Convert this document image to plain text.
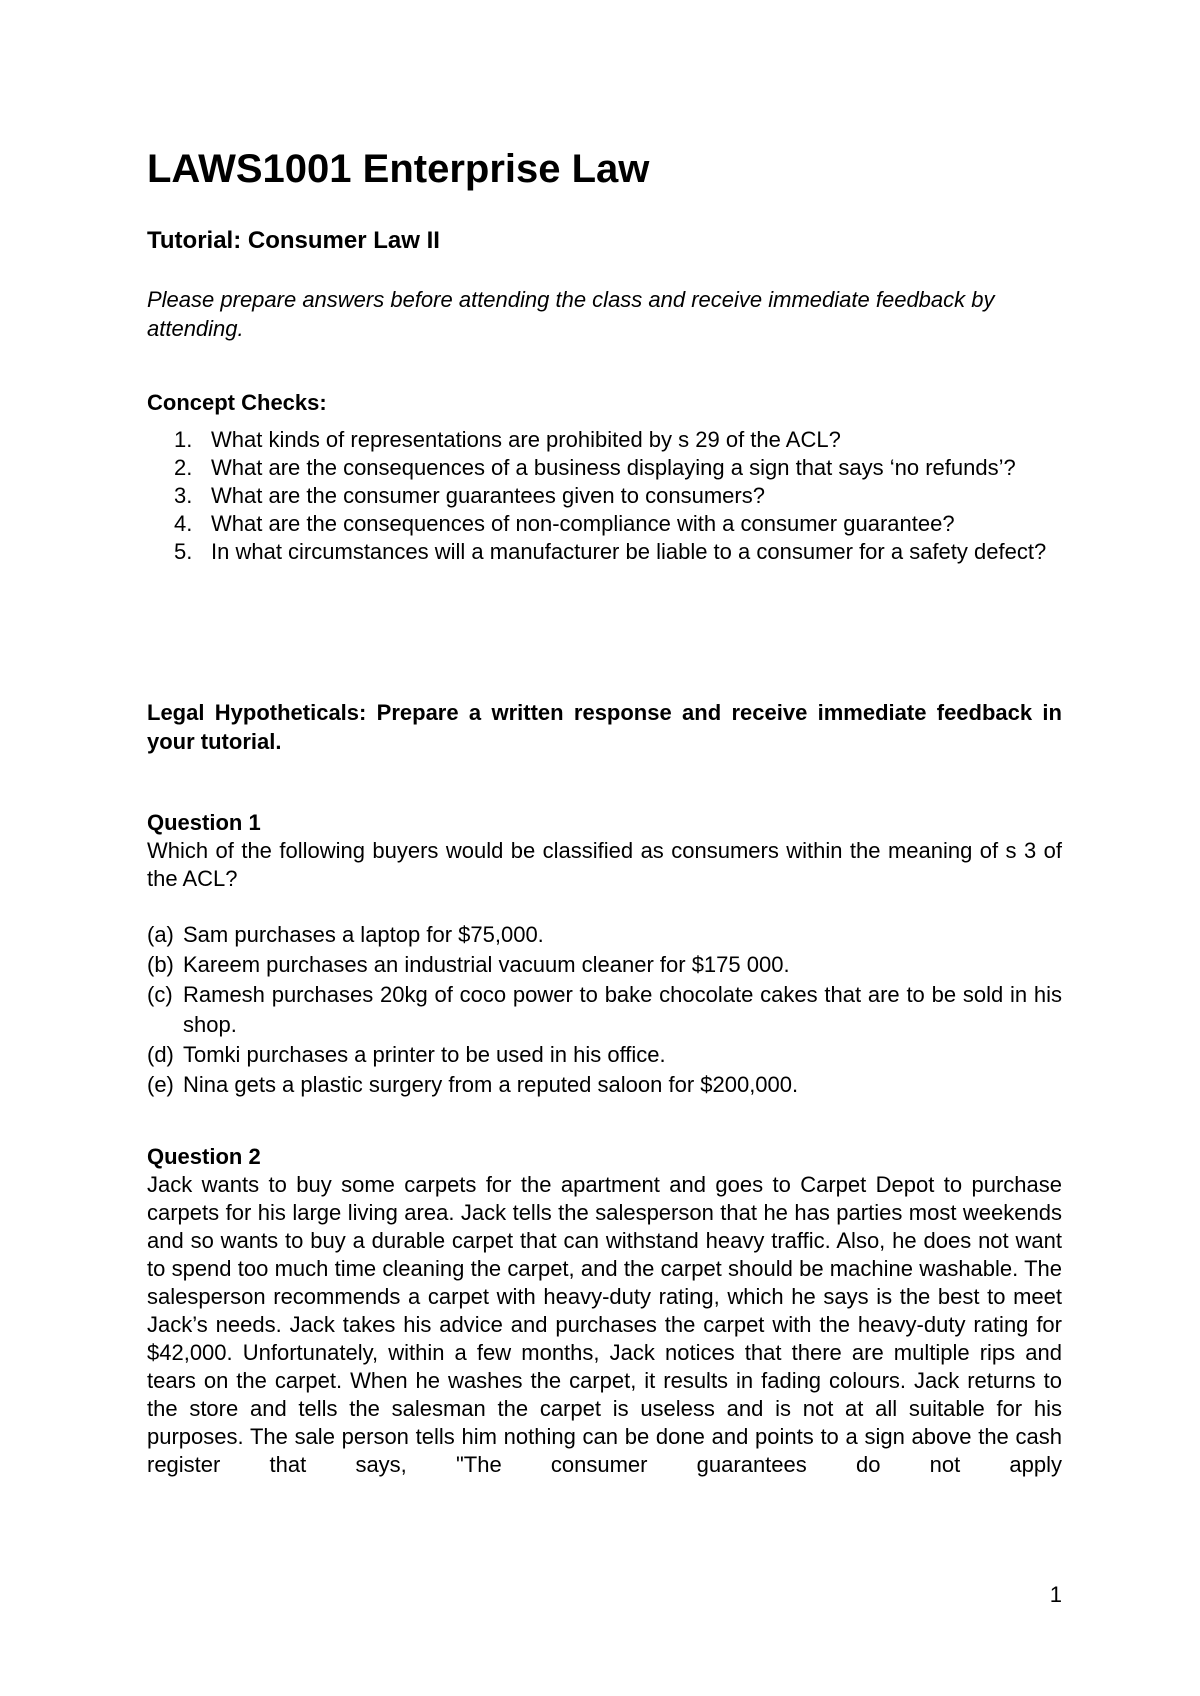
LAWS1001 Enterprise Law
Tutorial: Consumer Law II

Please prepare answers before attending the class and receive immediate feedback by attending.

Concept Checks:

1. What kinds of representations are prohibited by s 29 of the ACL?
2. What are the consequences of a business displaying a sign that says ‘no refunds’?
3. What are the consumer guarantees given to consumers?
4. What are the consequences of non-compliance with a consumer guarantee?
5. In what circumstances will a manufacturer be liable to a consumer for a safety defect?

Legal Hypotheticals: Prepare a written response and receive immediate feedback in your tutorial.

Question 1

Which of the following buyers would be classified as consumers within the meaning of s 3 of the ACL?

(a) Sam purchases a laptop for $75,000.
(b) Kareem purchases an industrial vacuum cleaner for $175 000.
(c) Ramesh purchases 20kg of coco power to bake chocolate cakes that are to be sold in his shop.
(d) Tomki purchases a printer to be used in his office.
(e) Nina gets a plastic surgery from a reputed saloon for $200,000.

Question 2

Jack wants to buy some carpets for the apartment and goes to Carpet Depot to purchase carpets for his large living area. Jack tells the salesperson that he has parties most weekends and so wants to buy a durable carpet that can withstand heavy traffic. Also, he does not want to spend too much time cleaning the carpet, and the carpet should be machine washable. The salesperson recommends a carpet with heavy-duty rating, which he says is the best to meet Jack’s needs. Jack takes his advice and purchases the carpet with the heavy-duty rating for $42,000. Unfortunately, within a few months, Jack notices that there are multiple rips and tears on the carpet. When he washes the carpet, it results in fading colours. Jack returns to the store and tells the salesman the carpet is useless and is not at all suitable for his purposes. The sale person tells him nothing can be done and points to a sign above the cash register that says, "The consumer guarantees do not apply

1
